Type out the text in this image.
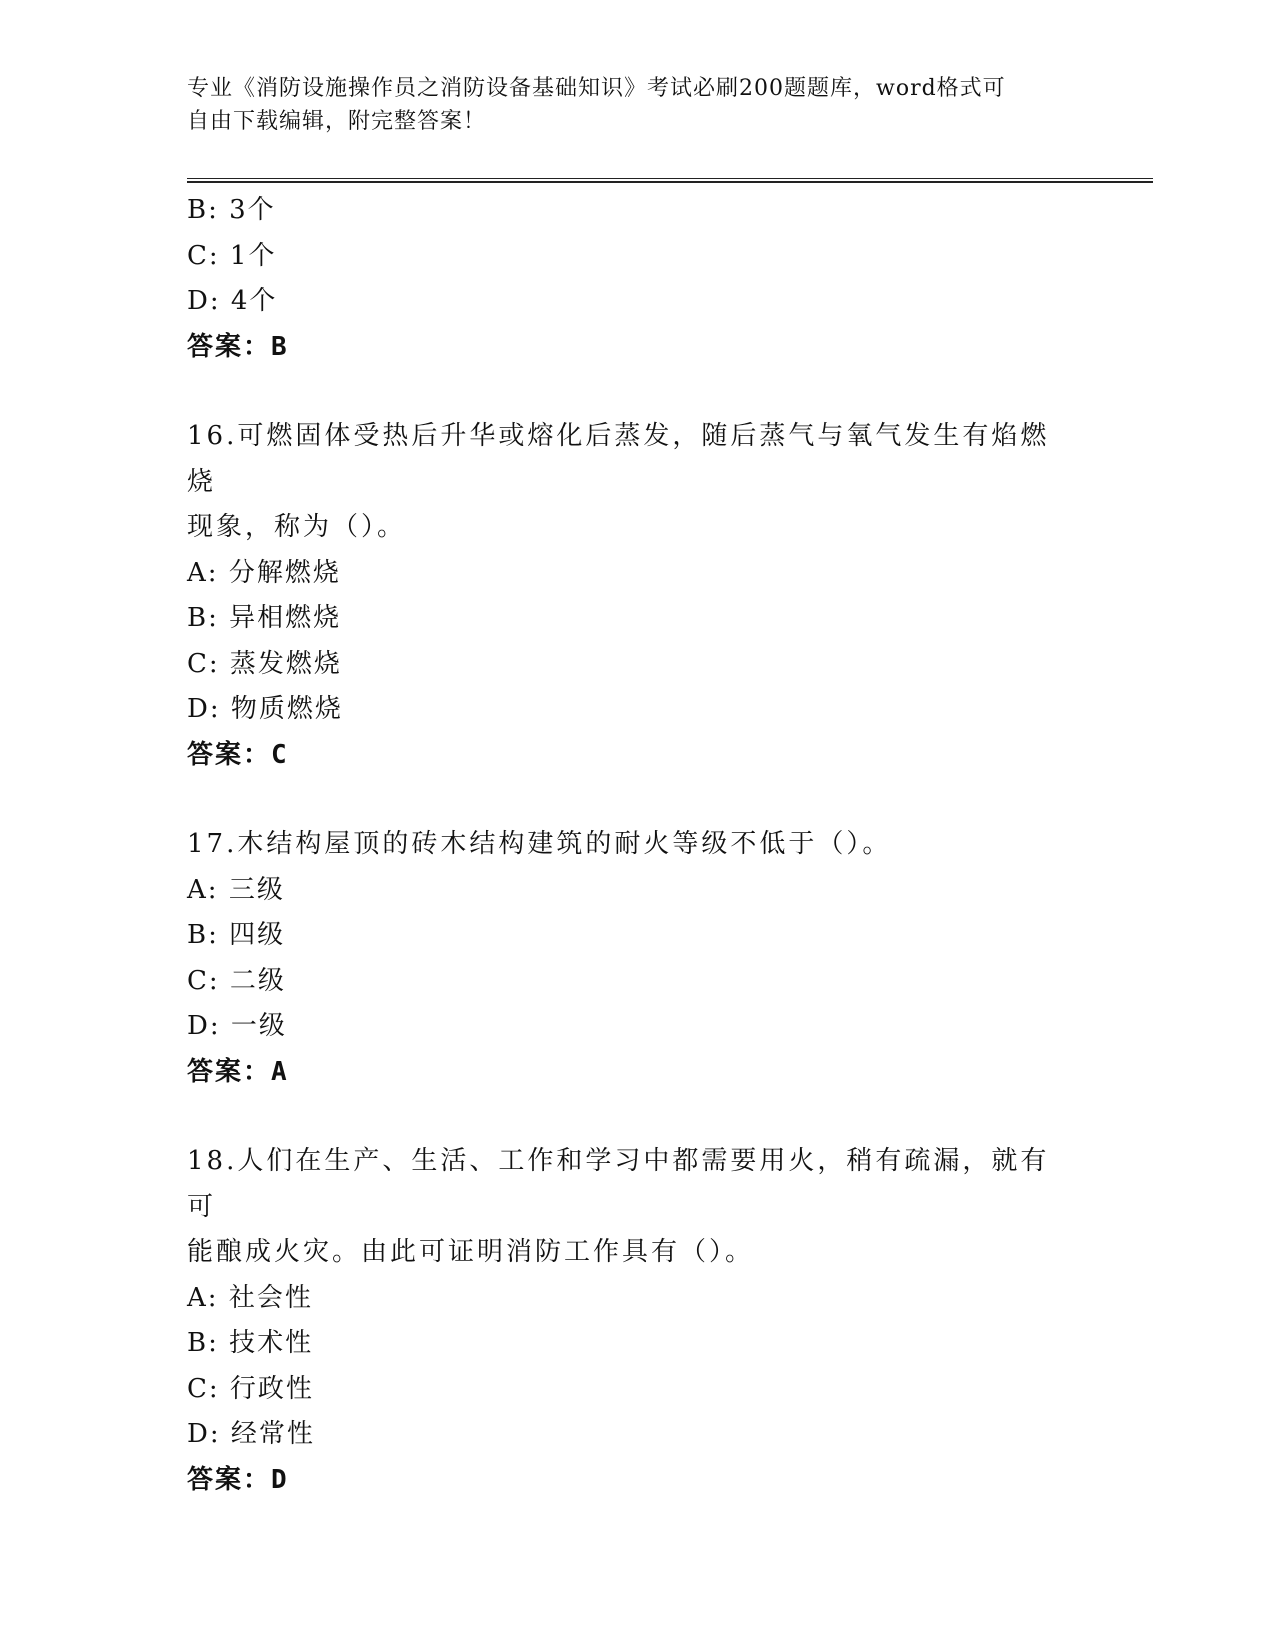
专业《消防设施操作员之消防设备基础知识》考试必刷200题题库，word格式可
自由下载编辑，附完整答案！
B: 3个
C: 1个
D: 4个
答案：B
16.可燃固体受热后升华或熔化后蒸发，随后蒸气与氧气发生有焰燃烧
现象，称为（）。
A: 分解燃烧
B: 异相燃烧
C: 蒸发燃烧
D: 物质燃烧
答案：C
17.木结构屋顶的砖木结构建筑的耐火等级不低于（）。
A: 三级
B: 四级
C: 二级
D: 一级
答案：A
18.人们在生产、生活、工作和学习中都需要用火，稍有疏漏，就有可
能酿成火灾。由此可证明消防工作具有（）。
A: 社会性
B: 技术性
C: 行政性
D: 经常性
答案：D
